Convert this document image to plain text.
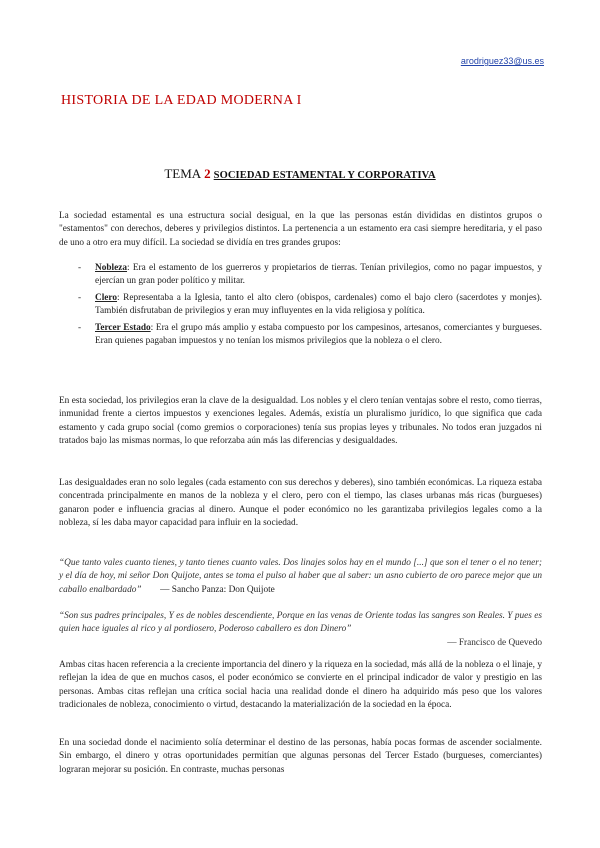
arodriguez33@us.es
HISTORIA DE LA EDAD MODERNA I
TEMA 2 SOCIEDAD ESTAMENTAL Y CORPORATIVA

La sociedad estamental es una estructura social desigual, en la que las personas están divididas en distintos grupos o "estamentos" con derechos, deberes y privilegios distintos. La pertenencia a un estamento era casi siempre hereditaria, y el paso de uno a otro era muy difícil. La sociedad se dividía en tres grandes grupos:

- Nobleza: Era el estamento de los guerreros y propietarios de tierras. Tenían privilegios, como no pagar impuestos, y ejercían un gran poder político y militar.
- Clero: Representaba a la Iglesia, tanto el alto clero (obispos, cardenales) como el bajo clero (sacerdotes y monjes). También disfrutaban de privilegios y eran muy influyentes en la vida religiosa y política.
- Tercer Estado: Era el grupo más amplio y estaba compuesto por los campesinos, artesanos, comerciantes y burgueses. Eran quienes pagaban impuestos y no tenían los mismos privilegios que la nobleza o el clero.

En esta sociedad, los privilegios eran la clave de la desigualdad. Los nobles y el clero tenían ventajas sobre el resto, como tierras, inmunidad frente a ciertos impuestos y exenciones legales. Además, existía un pluralismo jurídico, lo que significa que cada estamento y cada grupo social (como gremios o corporaciones) tenía sus propias leyes y tribunales. No todos eran juzgados ni tratados bajo las mismas normas, lo que reforzaba aún más las diferencias y desigualdades.

Las desigualdades eran no solo legales (cada estamento con sus derechos y deberes), sino también económicas. La riqueza estaba concentrada principalmente en manos de la nobleza y el clero, pero con el tiempo, las clases urbanas más ricas (burgueses) ganaron poder e influencia gracias al dinero. Aunque el poder económico no les garantizaba privilegios legales como a la nobleza, sí les daba mayor capacidad para influir en la sociedad.

“Que tanto vales cuanto tienes, y tanto tienes cuanto vales. Dos linajes solos hay en el mundo [...] que son el tener o el no tener; y el día de hoy, mi señor Don Quijote, antes se toma el pulso al haber que al saber: un asno cubierto de oro parece mejor que un caballo enalbardado” — Sancho Panza: Don Quijote

“Son sus padres principales, Y es de nobles descendiente, Porque en las venas de Oriente todas las sangres son Reales. Y pues es quien hace iguales al rico y al pordiosero, Poderoso caballero es don Dinero”
— Francisco de Quevedo

Ambas citas hacen referencia a la creciente importancia del dinero y la riqueza en la sociedad, más allá de la nobleza o el linaje, y reflejan la idea de que en muchos casos, el poder económico se convierte en el principal indicador de valor y prestigio en las personas. Ambas citas reflejan una crítica social hacia una realidad donde el dinero ha adquirido más peso que los valores tradicionales de nobleza, conocimiento o virtud, destacando la materialización de la sociedad en la época.

En una sociedad donde el nacimiento solía determinar el destino de las personas, había pocas formas de ascender socialmente. Sin embargo, el dinero y otras oportunidades permitían que algunas personas del Tercer Estado (burgueses, comerciantes) lograran mejorar su posición. En contraste, muchas personas
